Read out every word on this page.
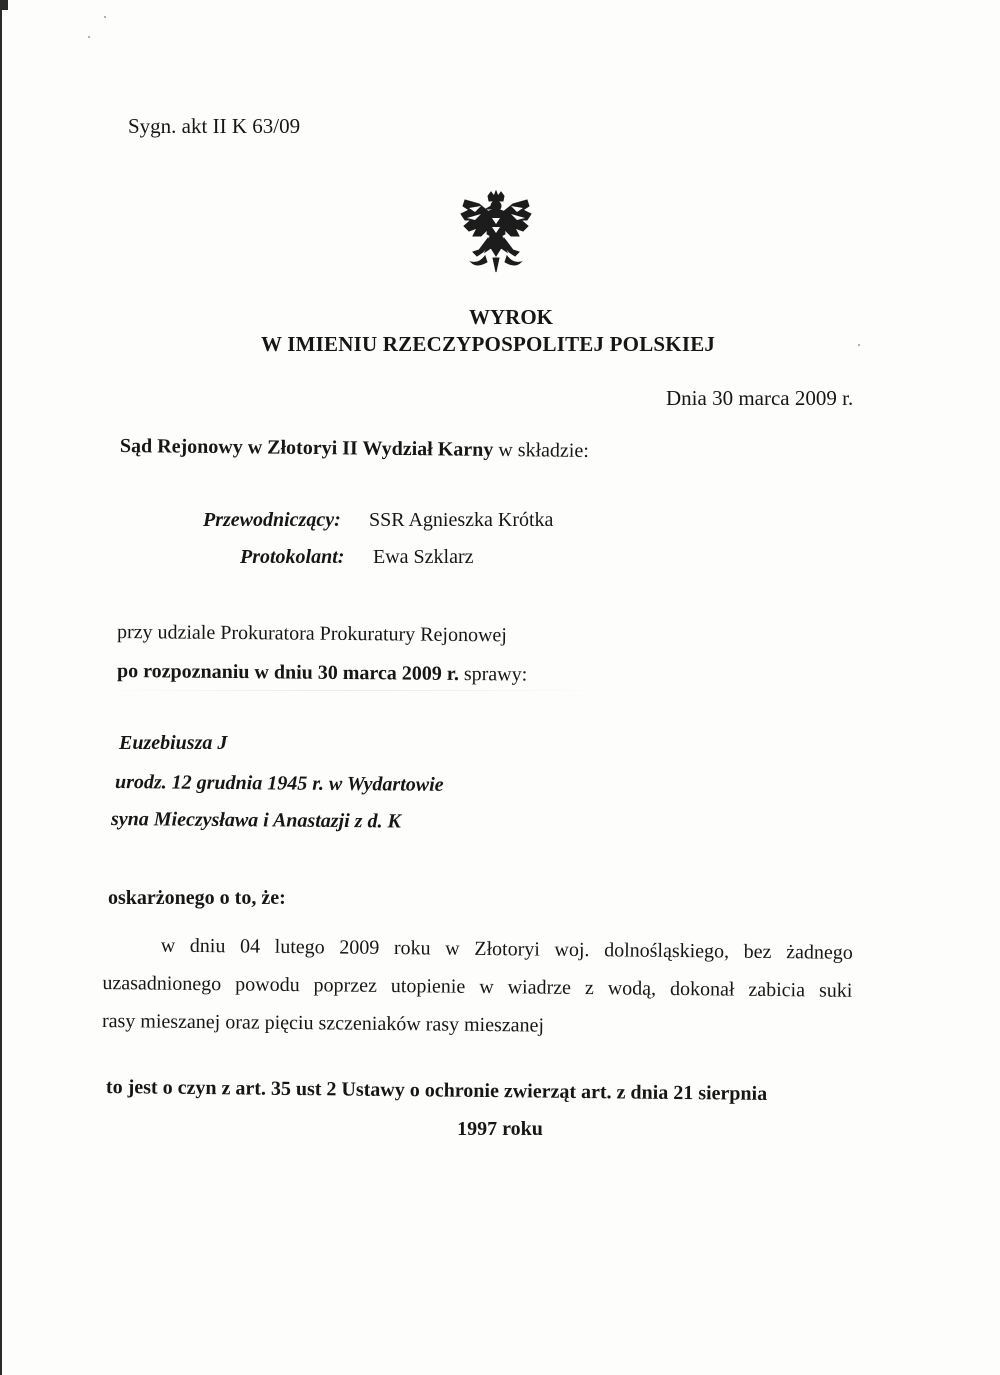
Sygn. akt II K 63/09
WYROK
W IMIENIU RZECZYPOSPOLITEJ POLSKIEJ
Dnia 30 marca 2009 r.
Sąd Rejonowy w Złotoryi II Wydział Karny w składzie:
Przewodniczący: SSR Agnieszka Krótka
Protokolant: Ewa Szklarz
przy udziale Prokuratora Prokuratury Rejonowej
po rozpoznaniu w dniu 30 marca 2009 r. sprawy:
Euzebiusza J
urodz. 12 grudnia 1945 r. w Wydartowie
syna Mieczysława i Anastazji z d. K
oskarżonego o to, że:
w dniu 04 lutego 2009 roku w Złotoryi woj. dolnośląskiego, bez żadnego
uzasadnionego powodu poprzez utopienie w wiadrze z wodą, dokonał zabicia suki
rasy mieszanej oraz pięciu szczeniaków rasy mieszanej
to jest o czyn z art. 35 ust 2 Ustawy o ochronie zwierząt art. z dnia 21 sierpnia
1997 roku
